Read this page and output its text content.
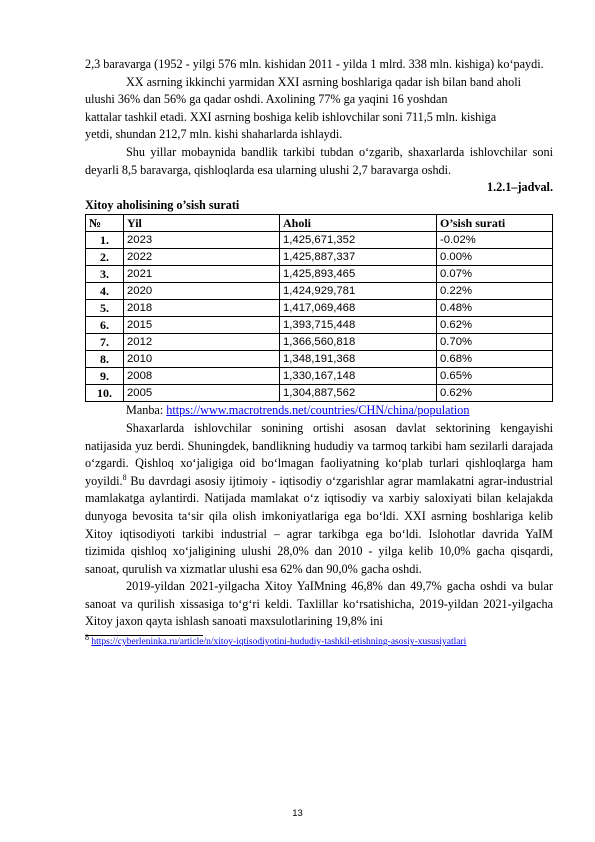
2,3 baravarga (1952 - yilgi 576 mln. kishidan 2011 - yilda 1 mlrd. 338 mln. kishiga) ko‘paydi.

XX asrning ikkinchi yarmidan XXI asrning boshlariga qadar ish bilan band aholi ulushi 36% dan 56% ga qadar oshdi. Axolining 77% ga yaqini 16 yoshdan

kattalar tashkil etadi. XXI asrning boshiga kelib ishlovchilar soni 711,5 mln. kishiga

yetdi, shundan 212,7 mln. kishi shaharlarda ishlaydi.

Shu yillar mobaynida bandlik tarkibi tubdan o‘zgarib, shaxarlarda ishlovchilar soni deyarli 8,5 baravarga, qishloqlarda esa ularning ulushi 2,7 baravarga oshdi.

1.2.1–jadval.

Xitoy aholisining o’sish surati

№	Yil	Aholi	O’sish surati
1.	2023	1,425,671,352	-0.02%
2.	2022	1,425,887,337	0.00%
3.	2021	1,425,893,465	0.07%
4.	2020	1,424,929,781	0.22%
5.	2018	1,417,069,468	0.48%
6.	2015	1,393,715,448	0.62%
7.	2012	1,366,560,818	0.70%
8.	2010	1,348,191,368	0.68%
9.	2008	1,330,167,148	0.65%
10.	2005	1,304,887,562	0.62%

Manba: https://www.macrotrends.net/countries/CHN/china/population

Shaxarlarda ishlovchilar sonining ortishi asosan davlat sektorining kengayishi natijasida yuz berdi. Shuningdek, bandlikning hududiy va tarmoq tarkibi ham sezilarli darajada o‘zgardi. Qishloq xo‘jaligiga oid bo‘lmagan faoliyatning ko‘plab turlari qishloqlarga ham yoyildi.$^8$ Bu davrdagi asosiy ijtimoiy - iqtisodiy o‘zgarishlar agrar mamlakatni agrar-industrial mamlakatga aylantirdi. Natijada mamlakat o‘z iqtisodiy va xarbiy saloxiyati bilan kelajakda dunyoga bevosita ta‘sir qila olish imkoniyatlariga ega bo‘ldi. XXI asrning boshlariga kelib Xitoy iqtisodiyoti tarkibi industrial – agrar tarkibga ega bo‘ldi. Islohotlar davrida YaIM tizimida qishloq xo‘jaligining ulushi 28,0% dan 2010 - yilga kelib 10,0% gacha qisqardi, sanoat, qurulish va xizmatlar ulushi esa 62% dan 90,0% gacha oshdi.

2019-yildan 2021-yilgacha Xitoy YaIMning 46,8% dan 49,7% gacha oshdi va bular sanoat va qurilish xissasiga to‘g‘ri keldi. Taxlillar ko‘rsatishicha, 2019-yildan 2021-yilgacha Xitoy jaxon qayta ishlash sanoati maxsulotlarining 19,8% ini

$^8$ https://cyberleninka.ru/article/n/xitoy-iqtisodiyotini-hududiy-tashkil-etishning-asosiy-xususiyatlari

13
